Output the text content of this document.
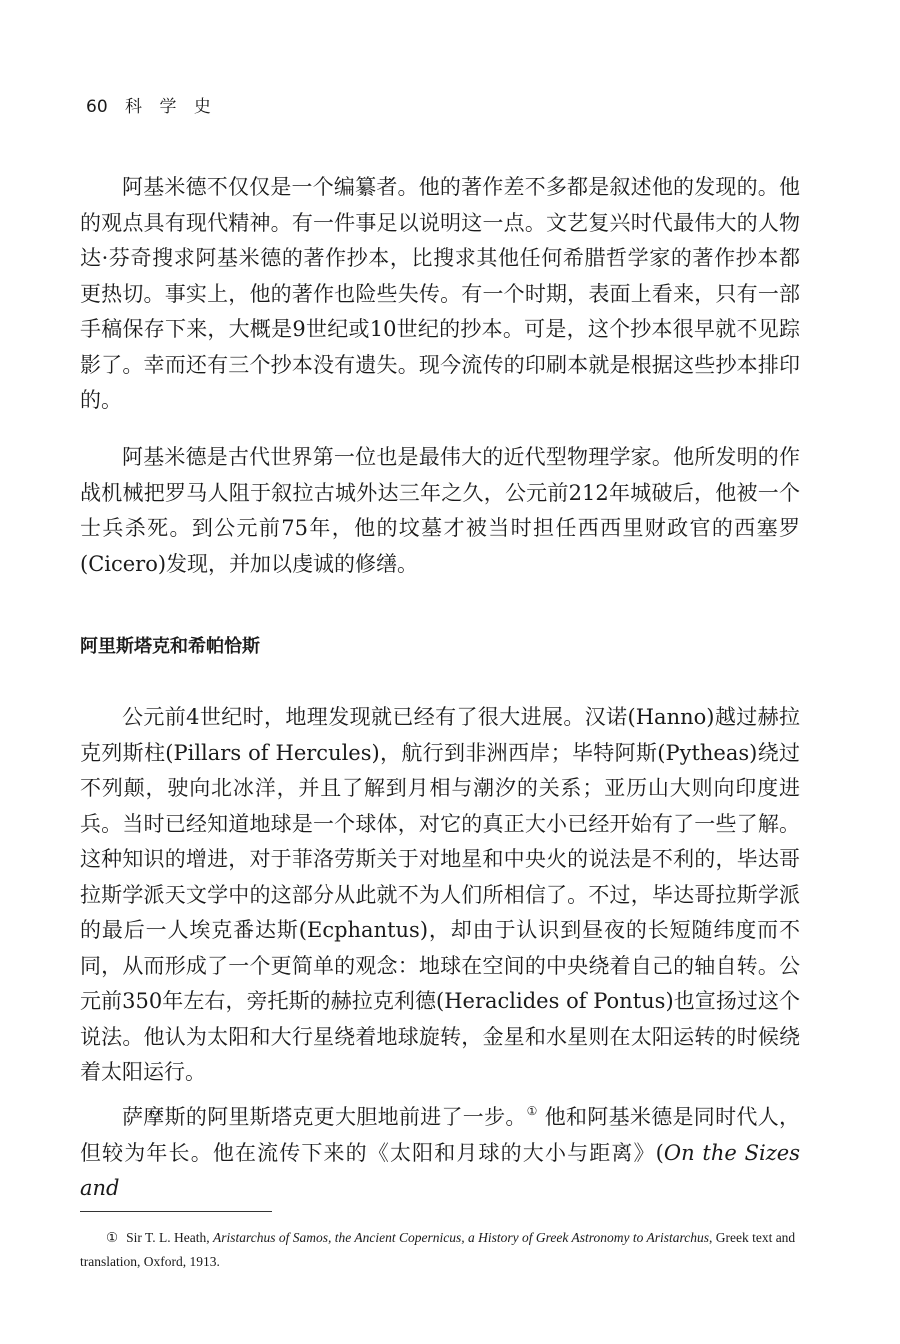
60 科 学 史

阿基米德不仅仅是一个编纂者。他的著作差不多都是叙述他的发现的。他的观点具有现代精神。有一件事足以说明这一点。文艺复兴时代最伟大的人物达·芬奇搜求阿基米德的著作抄本，比搜求其他任何希腊哲学家的著作抄本都更热切。事实上，他的著作也险些失传。有一个时期，表面上看来，只有一部手稿保存下来，大概是9世纪或10世纪的抄本。可是，这个抄本很早就不见踪影了。幸而还有三个抄本没有遗失。现今流传的印刷本就是根据这些抄本排印的。

阿基米德是古代世界第一位也是最伟大的近代型物理学家。他所发明的作战机械把罗马人阻于叙拉古城外达三年之久，公元前212年城破后，他被一个士兵杀死。到公元前75年，他的坟墓才被当时担任西西里财政官的西塞罗(Cicero)发现，并加以虔诚的修缮。

阿里斯塔克和希帕恰斯

公元前4世纪时，地理发现就已经有了很大进展。汉诺(Hanno)越过赫拉克列斯柱(Pillars of Hercules)，航行到非洲西岸；毕特阿斯(Pytheas)绕过不列颠，驶向北冰洋，并且了解到月相与潮汐的关系；亚历山大则向印度进兵。当时已经知道地球是一个球体，对它的真正大小已经开始有了一些了解。这种知识的增进，对于菲洛劳斯关于对地星和中央火的说法是不利的，毕达哥拉斯学派天文学中的这部分从此就不为人们所相信了。不过，毕达哥拉斯学派的最后一人埃克番达斯(Ecphantus)，却由于认识到昼夜的长短随纬度而不同，从而形成了一个更简单的观念：地球在空间的中央绕着自己的轴自转。公元前350年左右，旁托斯的赫拉克利德(Heraclides of Pontus)也宣扬过这个说法。他认为太阳和大行星绕着地球旋转，金星和水星则在太阳运转的时候绕着太阳运行。

萨摩斯的阿里斯塔克更大胆地前进了一步。① 他和阿基米德是同时代人，但较为年长。他在流传下来的《太阳和月球的大小与距离》(On the Sizes and

① Sir T. L. Heath, Aristarchus of Samos, the Ancient Copernicus, a History of Greek Astronomy to Aristarchus, Greek text and translation, Oxford, 1913.
